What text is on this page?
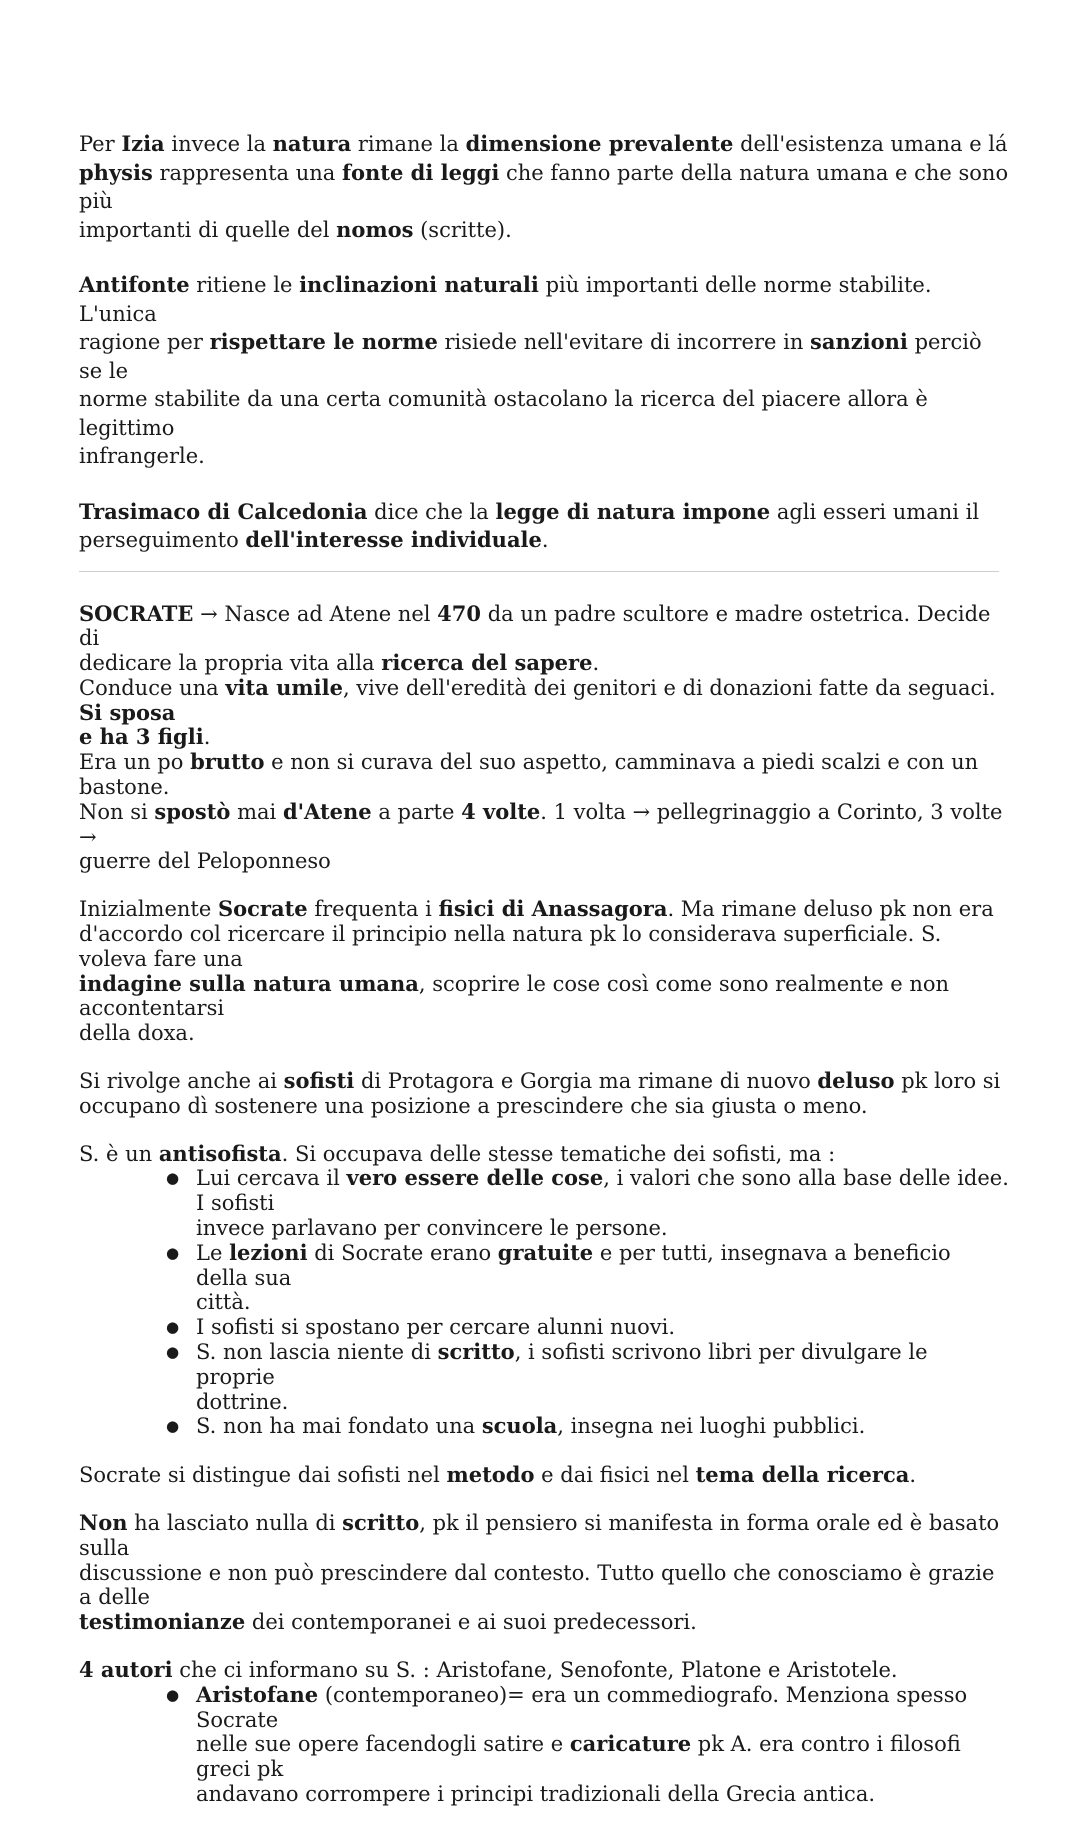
Per Izia invece la natura rimane la dimensione prevalente dell'esistenza umana e lá
physis rappresenta una fonte di leggi che fanno parte della natura umana e che sono più
importanti di quelle del nomos (scritte).

Antifonte ritiene le inclinazioni naturali più importanti delle norme stabilite. L'unica
ragione per rispettare le norme risiede nell'evitare di incorrere in sanzioni perciò se le
norme stabilite da una certa comunità ostacolano la ricerca del piacere allora è legittimo
infrangerle.

Trasimaco di Calcedonia dice che la legge di natura impone agli esseri umani il
perseguimento dell'interesse individuale.

SOCRATE → Nasce ad Atene nel 470 da un padre scultore e madre ostetrica. Decide di
dedicare la propria vita alla ricerca del sapere.
Conduce una vita umile, vive dell'eredità dei genitori e di donazioni fatte da seguaci. Si sposa
e ha 3 figli.
Era un po brutto e non si curava del suo aspetto, camminava a piedi scalzi e con un bastone.
Non si spostò mai d'Atene a parte 4 volte. 1 volta → pellegrinaggio a Corinto, 3 volte →
guerre del Peloponneso

Inizialmente Socrate frequenta i fisici di Anassagora. Ma rimane deluso pk non era
d'accordo col ricercare il principio nella natura pk lo considerava superficiale. S. voleva fare una
indagine sulla natura umana, scoprire le cose così come sono realmente e non accontentarsi
della doxa.

Si rivolge anche ai sofisti di Protagora e Gorgia ma rimane di nuovo deluso pk loro si
occupano dì sostenere una posizione a prescindere che sia giusta o meno.

S. è un antisofista. Si occupava delle stesse tematiche dei sofisti, ma :

● Lui cercava il vero essere delle cose, i valori che sono alla base delle idee. I sofisti
invece parlavano per convincere le persone.
● Le lezioni di Socrate erano gratuite e per tutti, insegnava a beneficio della sua
città.
● I sofisti si spostano per cercare alunni nuovi.
● S. non lascia niente di scritto, i sofisti scrivono libri per divulgare le proprie
dottrine.
● S. non ha mai fondato una scuola, insegna nei luoghi pubblici.

Socrate si distingue dai sofisti nel metodo e dai fisici nel tema della ricerca.

Non ha lasciato nulla di scritto, pk il pensiero si manifesta in forma orale ed è basato sulla
discussione e non può prescindere dal contesto. Tutto quello che conosciamo è grazie a delle
testimonianze dei contemporanei e ai suoi predecessori.

4 autori che ci informano su S. : Aristofane, Senofonte, Platone e Aristotele.

● Aristofane (contemporaneo)= era un commediografo. Menziona spesso Socrate
nelle sue opere facendogli satire e caricature pk A. era contro i filosofi greci pk
andavano corrompere i principi tradizionali della Grecia antica.
